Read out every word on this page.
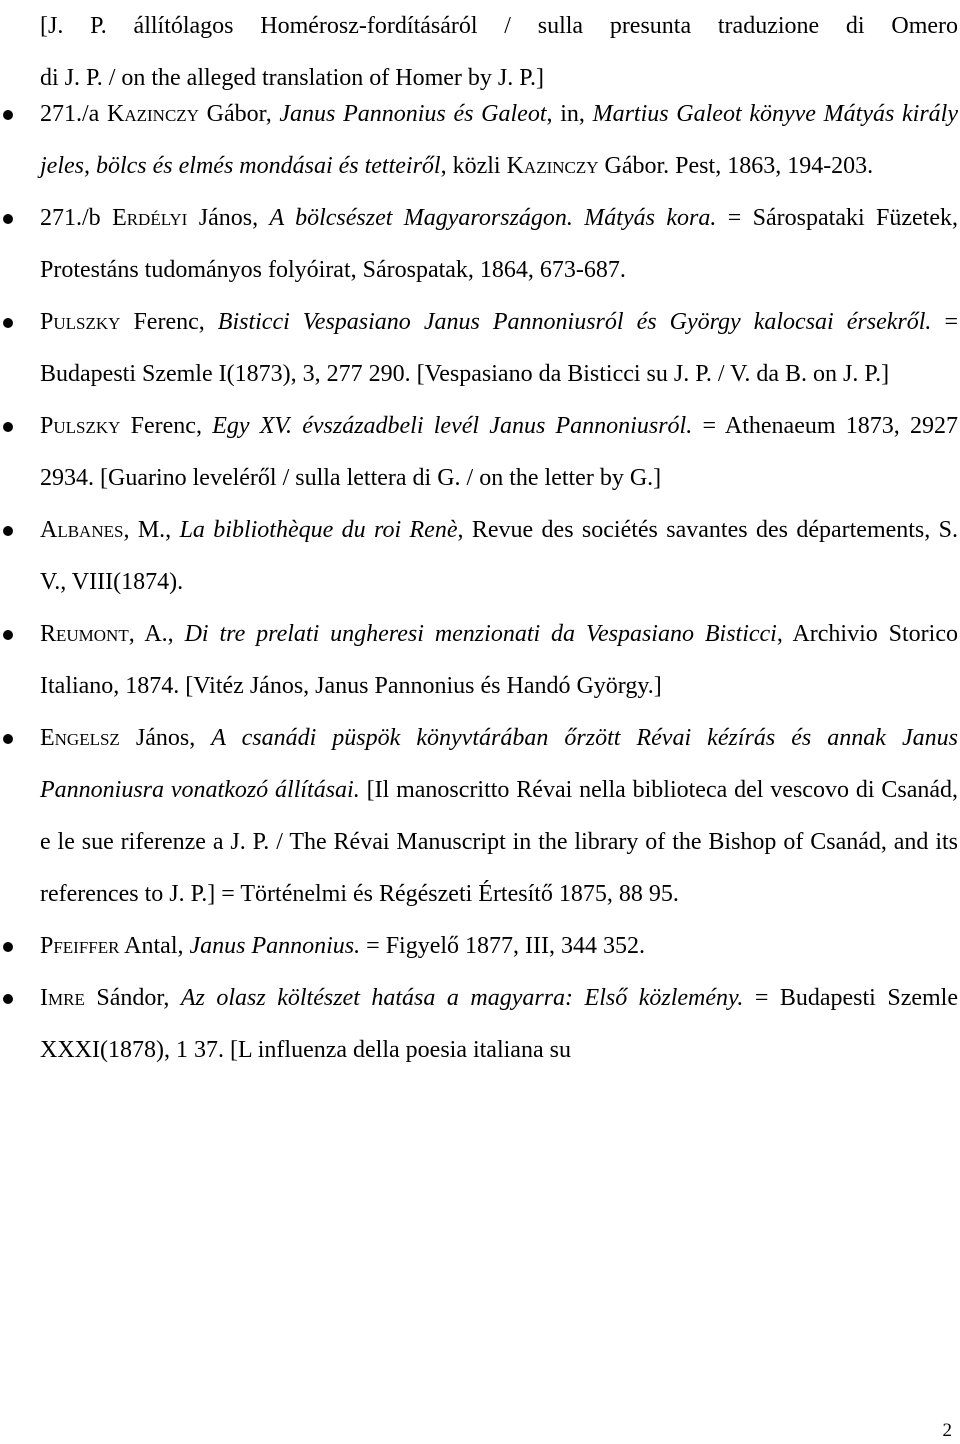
[J. P. állítólagos Homérosz-fordításáról / sulla presunta traduzione di Omero
di J. P. / on the alleged translation of Homer by J. P.]
271./a Kazinczy Gábor, Janus Pannonius és Galeot, in, Martius Galeot könyve Mátyás király jeles, bölcs és elmés mondásai és tetteiről, közli Kazinczy Gábor. Pest, 1863, 194-203.
271./b Erdélyi János, A bölcsészet Magyarországon. Mátyás kora. = Sárospataki Füzetek, Protestáns tudományos folyóirat, Sárospatak, 1864, 673-687.
Pulszky Ferenc, Bisticci Vespasiano Janus Pannoniusról és György kalocsai érsekről. = Budapesti Szemle I(1873), 3, 277 290. [Vespasiano da Bisticci su J. P. / V. da B. on J. P.]
Pulszky Ferenc, Egy XV. évszázadbeli levél Janus Pannoniusról. = Athenaeum 1873, 2927 2934. [Guarino leveléről / sulla lettera di G. / on the letter by G.]
Albanes, M., La bibliothèque du roi Renè, Revue des sociétés savantes des départements, S. V., VIII(1874).
Reumont, A., Di tre prelati ungheresi menzionati da Vespasiano Bisticci, Archivio Storico Italiano, 1874. [Vitéz János, Janus Pannonius és Handó György.]
Engelsz János, A csanádi püspök könyvtárában őrzött Révai kézírás és annak Janus Pannoniusra vonatkozó állításai. [Il manoscritto Révai nella biblioteca del vescovo di Csanád, e le sue riferenze a J. P. / The Révai Manuscript in the library of the Bishop of Csanád, and its references to J. P.] = Történelmi és Régészeti Értesítő 1875, 88 95.
Pfeiffer Antal, Janus Pannonius. = Figyelő 1877, III, 344 352.
Imre Sándor, Az olasz költészet hatása a magyarra: Első közlemény. = Budapesti Szemle XXXI(1878), 1 37. [L influenza della poesia italiana su
2
